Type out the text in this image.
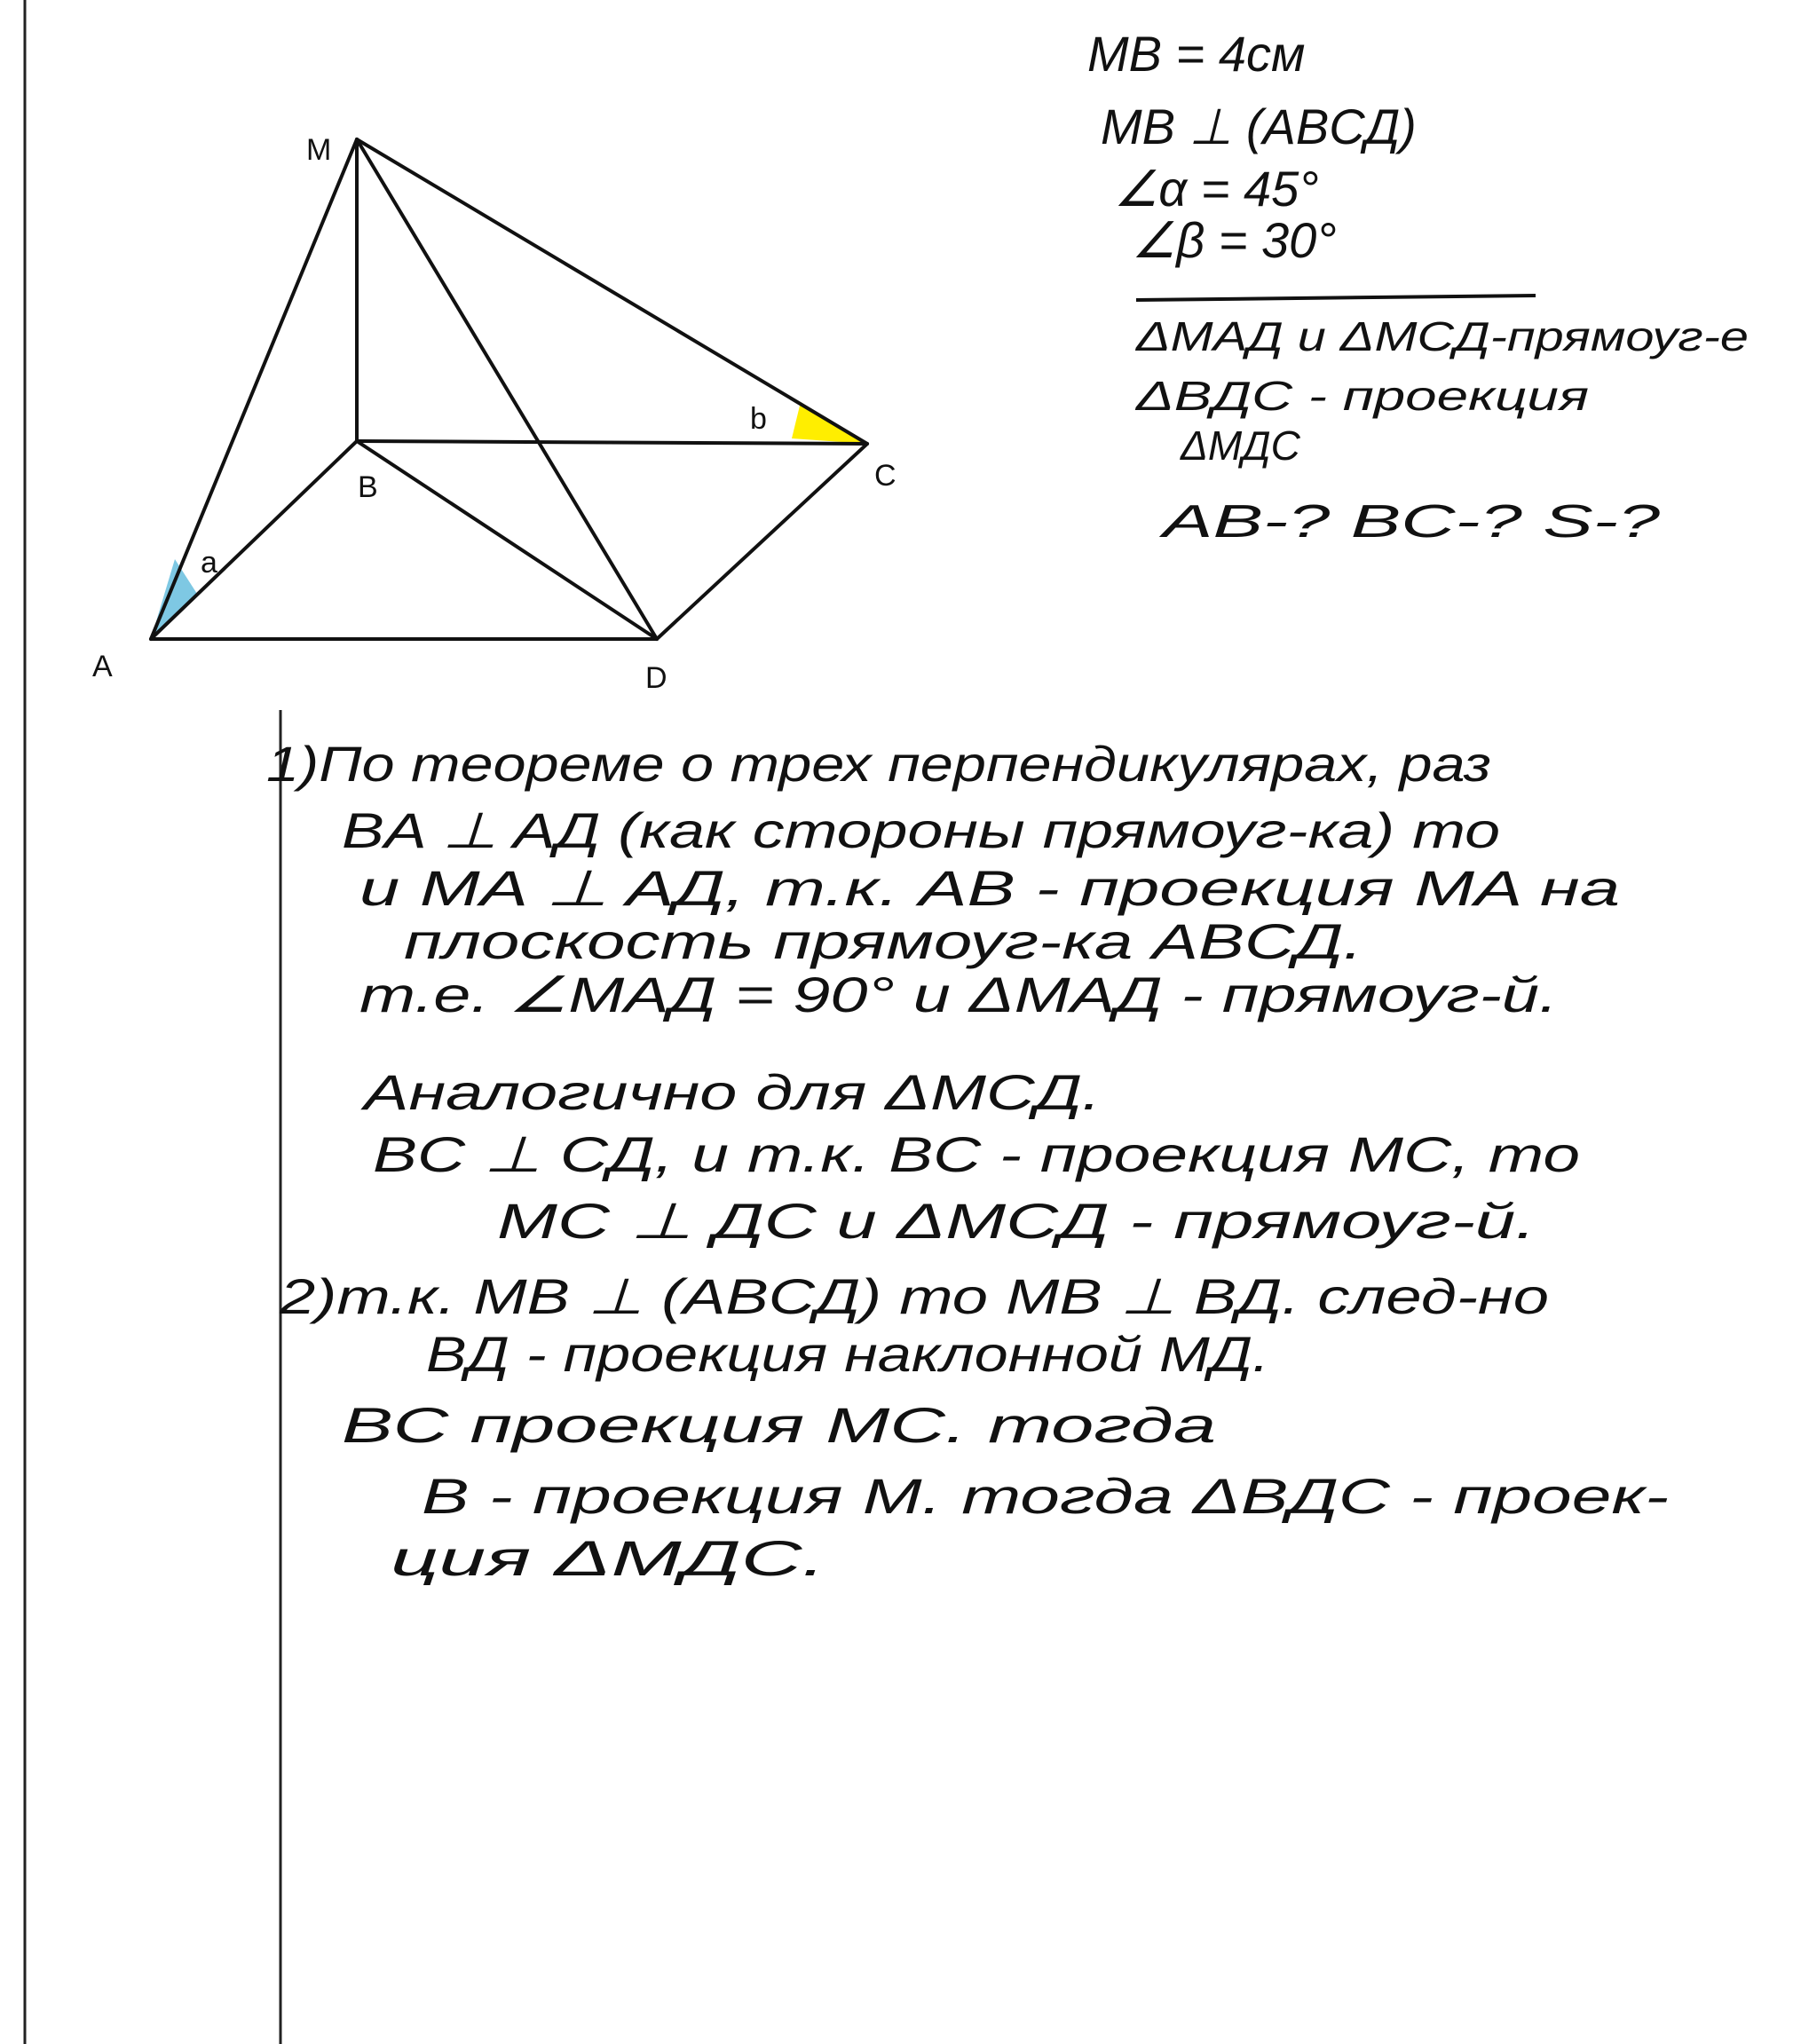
M
B	C
A	D
a
b
MB = 4см
MB ⊥ (ABCД)
∠α = 45°
∠β = 30°
ΔMAД и ΔMCД-прямоуг-е
ΔBДC - проекция
ΔMДC
AB-? BC-? S-?
1)По теореме о трех перпендикулярах, раз
BA ⊥ AД (как стороны прямоуг-ка) то
и MA ⊥ AД, т.к. AB - проекция MA на
плоскость прямоуг-ка ABCД.
т.е. ∠MAД = 90° и ΔMAД - прямоуг-й.
Аналогично для ΔMCД.
BC ⊥ CД, и т.к. BC - проекция MC, то
MC ⊥ ДC и ΔMCД - прямоуг-й.
2)т.к. MB ⊥ (ABCД) то MB ⊥ BД. след-но
BД - проекция наклонной MД.
BC проекция MC. тогда
B - проекция M. тогда ΔBДC - проек-
ция ΔMДC.
